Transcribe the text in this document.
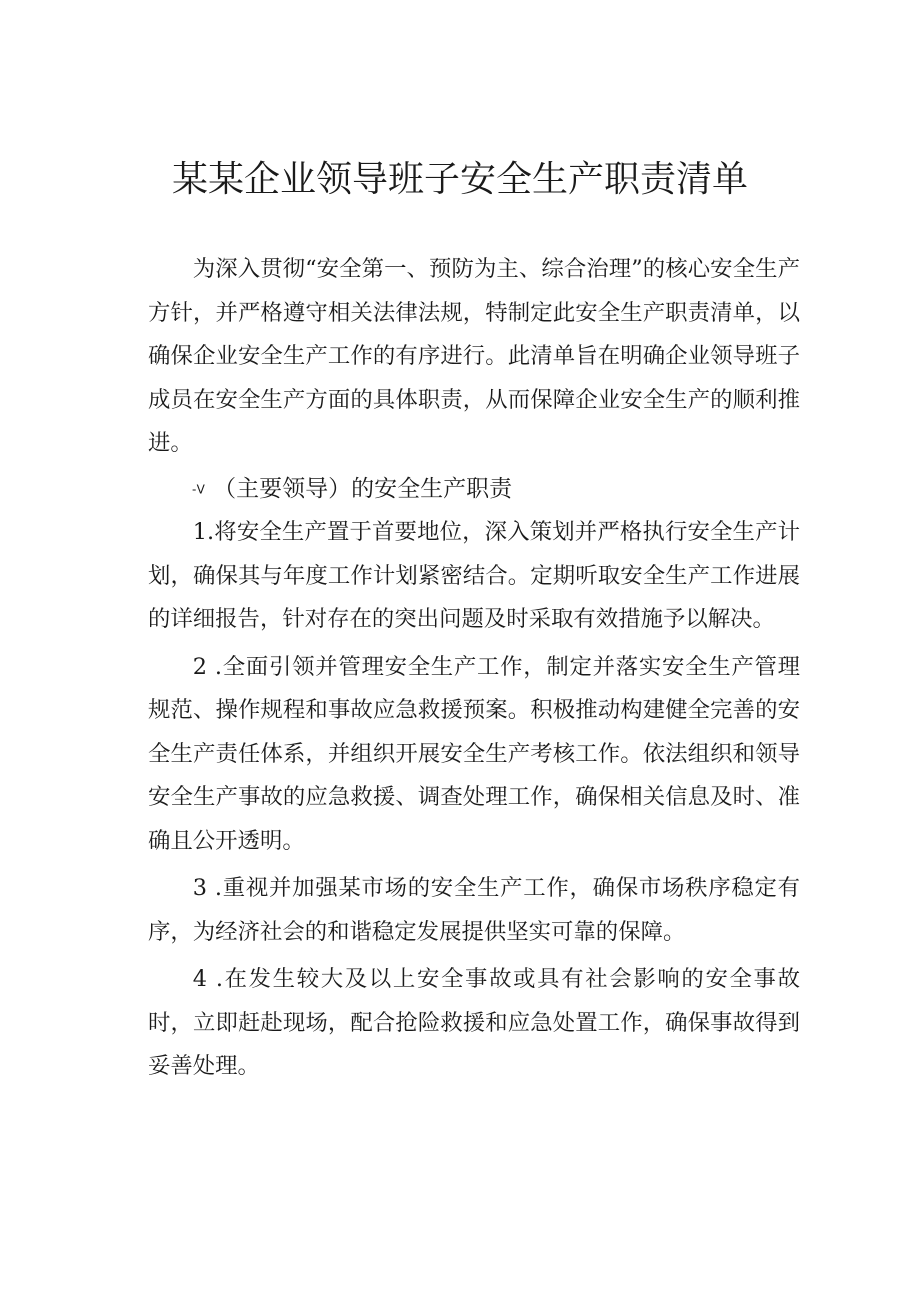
某某企业领导班子安全生产职责清单

为深入贯彻“安全第一、预防为主、综合治理”的核心安全生产方针，并严格遵守相关法律法规，特制定此安全生产职责清单，以确保企业安全生产工作的有序进行。此清单旨在明确企业领导班子成员在安全生产方面的具体职责，从而保障企业安全生产的顺利推进。

-V （主要领导）的安全生产职责

1.将安全生产置于首要地位，深入策划并严格执行安全生产计划，确保其与年度工作计划紧密结合。定期听取安全生产工作进展的详细报告，针对存在的突出问题及时采取有效措施予以解决。

2 .全面引领并管理安全生产工作，制定并落实安全生产管理规范、操作规程和事故应急救援预案。积极推动构建健全完善的安全生产责任体系，并组织开展安全生产考核工作。依法组织和领导安全生产事故的应急救援、调查处理工作，确保相关信息及时、准确且公开透明。

3 .重视并加强某市场的安全生产工作，确保市场秩序稳定有序，为经济社会的和谐稳定发展提供坚实可靠的保障。

4 .在发生较大及以上安全事故或具有社会影响的安全事故时，立即赶赴现场，配合抢险救援和应急处置工作，确保事故得到妥善处理。
